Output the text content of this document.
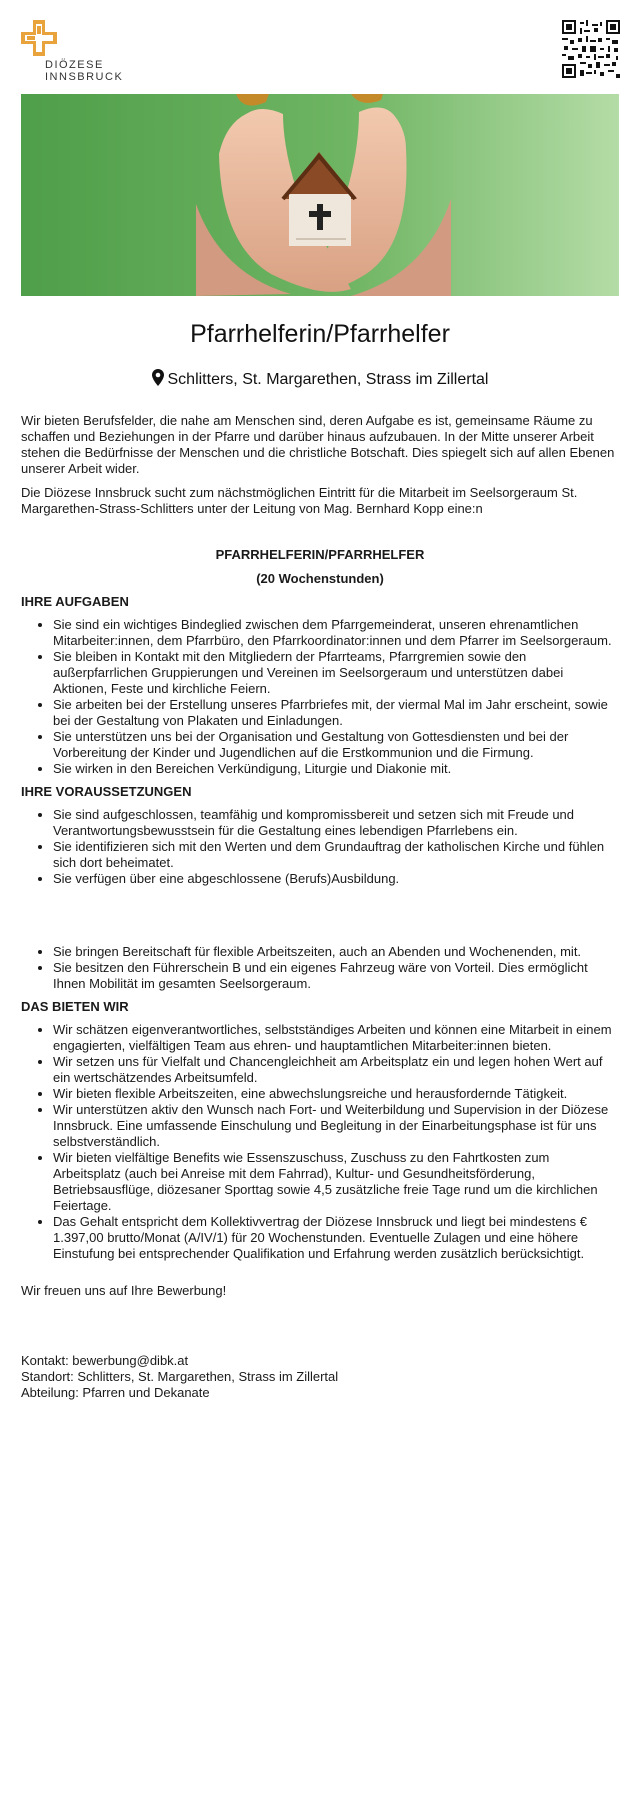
DIÖZESE
INNSBRUCK
Pfarrhelferin/Pfarrhelfer
Schlitters, St. Margarethen, Strass im Zillertal

Wir bieten Berufsfelder, die nahe am Menschen sind, deren Aufgabe es ist, gemeinsame Räume zu schaffen und Beziehungen in der Pfarre und darüber hinaus aufzubauen. In der Mitte unserer Arbeit stehen die Bedürfnisse der Menschen und die christliche Botschaft. Dies spiegelt sich auf allen Ebenen unserer Arbeit wider.

Die Diözese Innsbruck sucht zum nächstmöglichen Eintritt für die Mitarbeit im Seelsorgeraum St. Margarethen-Strass-Schlitters unter der Leitung von Mag. Bernhard Kopp eine:n

PFARRHELFERIN/PFARRHELFER

(20 Wochenstunden)

IHRE AUFGABEN
• Sie sind ein wichtiges Bindeglied zwischen dem Pfarrgemeinderat, unseren ehrenamtlichen Mitarbeiter:innen, dem Pfarrbüro, den Pfarrkoordinator:innen und dem Pfarrer im Seelsorgeraum.
• Sie bleiben in Kontakt mit den Mitgliedern der Pfarrteams, Pfarrgremien sowie den außerpfarrlichen Gruppierungen und Vereinen im Seelsorgeraum und unterstützen dabei Aktionen, Feste und kirchliche Feiern.
• Sie arbeiten bei der Erstellung unseres Pfarrbriefes mit, der viermal Mal im Jahr erscheint, sowie bei der Gestaltung von Plakaten und Einladungen.
• Sie unterstützen uns bei der Organisation und Gestaltung von Gottesdiensten und bei der Vorbereitung der Kinder und Jugendlichen auf die Erstkommunion und die Firmung.
• Sie wirken in den Bereichen Verkündigung, Liturgie und Diakonie mit.
IHRE VORAUSSETZUNGEN
• Sie sind aufgeschlossen, teamfähig und kompromissbereit und setzen sich mit Freude und Verantwortungsbewusstsein für die Gestaltung eines lebendigen Pfarrlebens ein.
• Sie identifizieren sich mit den Werten und dem Grundauftrag der katholischen Kirche und fühlen sich dort beheimatet.
• Sie verfügen über eine abgeschlossene (Berufs)Ausbildung.
• Sie bringen Bereitschaft für flexible Arbeitszeiten, auch an Abenden und Wochenenden, mit.
• Sie besitzen den Führerschein B und ein eigenes Fahrzeug wäre von Vorteil. Dies ermöglicht Ihnen Mobilität im gesamten Seelsorgeraum.
DAS BIETEN WIR
• Wir schätzen eigenverantwortliches, selbstständiges Arbeiten und können eine Mitarbeit in einem engagierten, vielfältigen Team aus ehren- und hauptamtlichen Mitarbeiter:innen bieten.
• Wir setzen uns für Vielfalt und Chancengleichheit am Arbeitsplatz ein und legen hohen Wert auf ein wertschätzendes Arbeitsumfeld.
• Wir bieten flexible Arbeitszeiten, eine abwechslungsreiche und herausfordernde Tätigkeit.
• Wir unterstützen aktiv den Wunsch nach Fort- und Weiterbildung und Supervision in der Diözese Innsbruck. Eine umfassende Einschulung und Begleitung in der Einarbeitungsphase ist für uns selbstverständlich.
• Wir bieten vielfältige Benefits wie Essenszuschuss, Zuschuss zu den Fahrtkosten zum Arbeitsplatz (auch bei Anreise mit dem Fahrrad), Kultur- und Gesundheitsförderung, Betriebsausflüge, diözesaner Sporttag sowie 4,5 zusätzliche freie Tage rund um die kirchlichen Feiertage.
• Das Gehalt entspricht dem Kollektivvertrag der Diözese Innsbruck und liegt bei mindestens € 1.397,00 brutto/Monat (A/IV/1) für 20 Wochenstunden. Eventuelle Zulagen und eine höhere Einstufung bei entsprechender Qualifikation und Erfahrung werden zusätzlich berücksichtigt.

Wir freuen uns auf Ihre Bewerbung!

Kontakt: bewerbung@dibk.at
Standort: Schlitters, St. Margarethen, Strass im Zillertal
Abteilung: Pfarren und Dekanate
